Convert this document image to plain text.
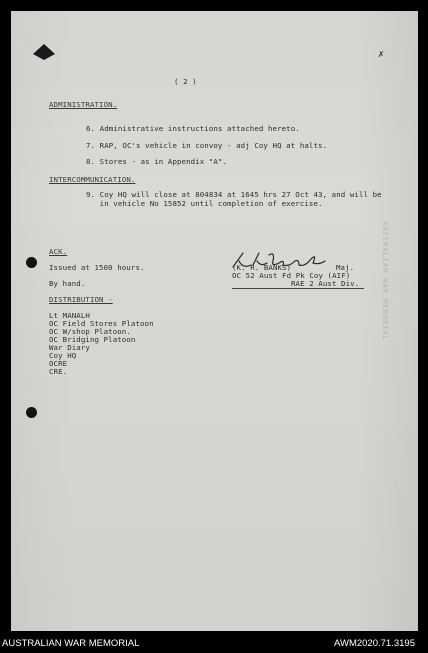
✗
AUSTRALIAN WAR MEMORIAL
( 2 )
ADMINISTRATION.
6. Administrative instructions attached hereto.
7. RAP, OC's vehicle in convoy - adj Coy HQ at halts.
8. Stores - as in Appendix "A".
INTERCOMMUNICATION.
9. Coy HQ will close at 804834 at 1645 hrs 27 Oct 43, and will be
in vehicle No 15852 until completion of exercise.
ACK.
Issued at 1500 hours.
By hand.
(K. R. BANKS)	Maj.
OC 52 Aust Fd Pk Coy (AIF)
RAE 2 Aust Div.
DISTRIBUTION -
Lt MANALH
OC Field Stores Platoon
OC W/shop Platoon.
OC Bridging Platoon
War Diary
Coy HQ
OCRE
CRE.
AUSTRALIAN WAR MEMORIAL	AWM2020.71.3195
